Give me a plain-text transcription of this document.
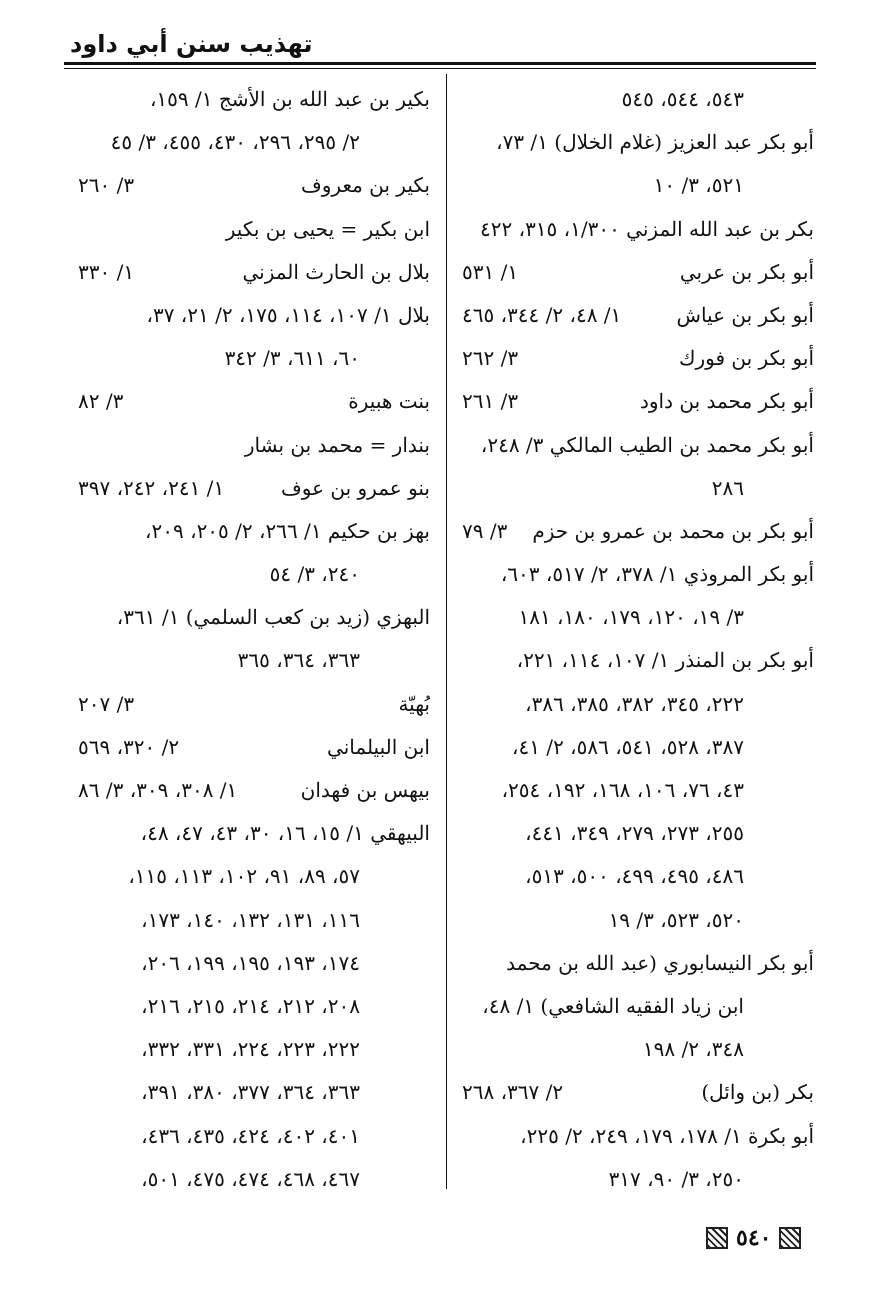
تهذيب سنن أبي داود
٥٤٣، ٥٤٤، ٥٤٥
أبو بكر عبد العزيز (غلام الخلال) ١/ ٧٣،
٥٢١، ٣/ ١٠
بكر بن عبد الله المزني ١/٣٠٠، ٣١٥، ٤٢٢
أبو بكر بن عربي
١/ ٥٣١
أبو بكر بن عياش
١/ ٤٨، ٢/ ٣٤٤، ٤٦٥
أبو بكر بن فورك
٣/ ٢٦٢
أبو بكر محمد بن داود
٣/ ٢٦١
أبو بكر محمد بن الطيب المالكي ٣/ ٢٤٨،
٢٨٦
أبو بكر بن محمد بن عمرو بن حزم
٣/ ٧٩
أبو بكر المروذي ١/ ٣٧٨، ٢/ ٥١٧، ٦٠٣،
٣/ ١٩، ١٢٠، ١٧٩، ١٨٠، ١٨١
أبو بكر بن المنذر ١/ ١٠٧، ١١٤، ٢٢١،
٢٢٢، ٣٤٥، ٣٨٢، ٣٨٥، ٣٨٦،
٣٨٧، ٥٢٨، ٥٤١، ٥٨٦، ٢/ ٤١،
٤٣، ٧٦، ١٠٦، ١٦٨، ١٩٢، ٢٥٤،
٢٥٥، ٢٧٣، ٢٧٩، ٣٤٩، ٤٤١،
٤٨٦، ٤٩٥، ٤٩٩، ٥٠٠، ٥١٣،
٥٢٠، ٥٢٣، ٣/ ١٩
أبو بكر النيسابوري (عبد الله بن محمد
ابن زياد الفقيه الشافعي) ١/ ٤٨،
٣٤٨، ٢/ ١٩٨
بكر (بن وائل)
٢/ ٣٦٧، ٢٦٨
أبو بكرة ١/ ١٧٨، ١٧٩، ٢٤٩، ٢/ ٢٢٥،
٢٥٠، ٣/ ٩٠، ٣١٧
بكير بن عبد الله بن الأشج ١/ ١٥٩،
٢/ ٢٩٥، ٢٩٦، ٤٣٠، ٤٥٥، ٣/ ٤٥
بكير بن معروف
٣/ ٢٦٠
ابن بكير = يحيى بن بكير
بلال بن الحارث المزني
١/ ٣٣٠
بلال ١/ ١٠٧، ١١٤، ١٧٥، ٢/ ٢١، ٣٧،
٦٠، ٦١١، ٣/ ٣٤٢
بنت هبيرة
٣/ ٨٢
بندار = محمد بن بشار
بنو عمرو بن عوف
١/ ٢٤١، ٢٤٢، ٣٩٧
بهز بن حكيم ١/ ٢٦٦، ٢/ ٢٠٥، ٢٠٩،
٢٤٠، ٣/ ٥٤
البهزي (زيد بن كعب السلمي) ١/ ٣٦١،
٣٦٣، ٣٦٤، ٣٦٥
بُهيّة
٣/ ٢٠٧
ابن البيلماني
٢/ ٣٢٠، ٥٦٩
بيهس بن فهدان
١/ ٣٠٨، ٣٠٩، ٣/ ٨٦
البيهقي ١/ ١٥، ١٦، ٣٠، ٤٣، ٤٧، ٤٨،
٥٧، ٨٩، ٩١، ١٠٢، ١١٣، ١١٥،
١١٦، ١٣١، ١٣٢، ١٤٠، ١٧٣،
١٧٤، ١٩٣، ١٩٥، ١٩٩، ٢٠٦،
٢٠٨، ٢١٢، ٢١٤، ٢١٥، ٢١٦،
٢٢٢، ٢٢٣، ٢٢٤، ٣٣١، ٣٣٢،
٣٦٣، ٣٦٤، ٣٧٧، ٣٨٠، ٣٩١،
٤٠١، ٤٠٢، ٤٢٤، ٤٣٥، ٤٣٦،
٤٦٧، ٤٦٨، ٤٧٤، ٤٧٥، ٥٠١،
٥٤٠
